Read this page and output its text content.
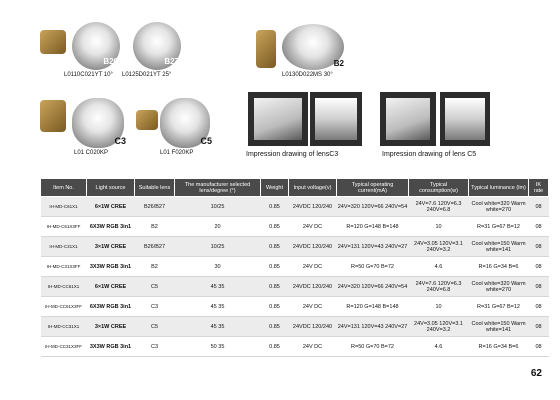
B26	B27
L0110C021YT 10° L0125D021YT 25°
B2
L0130D022MS 30°
C3	C5
L01 C020KP	L01 F020KP	Impression drawing of lensC3	Impression drawing of lens C5
Item No.	Light source	Suitable lens	The manufacturer selected lens/degree (°)	Weight	Input voltage(v)	Typical operating current(mA)	Typical consumption(w)	Typical luminance (lm)	IK rate
IH-MD-C61X1	6×1W CREE	B26/B27	10/25	0.85	24VDC 120/240	24V=320 120V=66 240V=54	24V=7.6 120V=6.3 240V=6.8	Cool white=320 Warm white=270	08
IH-MD-C61X3FF	6X3W RGB 3in1	B2	20	0.85	24V DC	R=120 G=148 B=148	10	R=31 G=67 B=12	08
IH-MD-C31X1	3×1W CREE	B26/B27	10/25	0.85	24VDC 120/240	24V=131 120V=43 240V=27	24V=3.05 120V=3.1 240V=3.2	Cool white=150 Warm white=141	08
IH-MD-C31X3FF	3X3W RGB 3in1	B2	30	0.85	24V DC	R=50 G=70 B=72	4.6	R=16 G=34 B=6	08
IH-MD-CC61X1	6×1W CREE	C5	45 35	0.85	24VDC 120/240	24V=320 120V=66 240V=54	24V=7.6 120V=6.3 240V=6.8	Cool white=320 Warm white=270	08
IH-MD-CC61X3FF	6X3W RGB 3in1	C3	45 35	0.85	24V DC	R=120 G=148 B=148	10	R=31 G=67 B=12	08
IH-MD-CC31X1	3×1W CREE	C5	45 35	0.85	24VDC 120/240	24V=131 120V=43 240V=27	24V=3.05 120V=3.1 240V=3.2	Cool white=150 Warm white=141	08
IH-MD-CC31X3FF	3X3W RGB 3in1	C3	50 35	0.85	24V DC	R=50 G=70 B=72	4.6	R=16 G=34 B=6	08
62
